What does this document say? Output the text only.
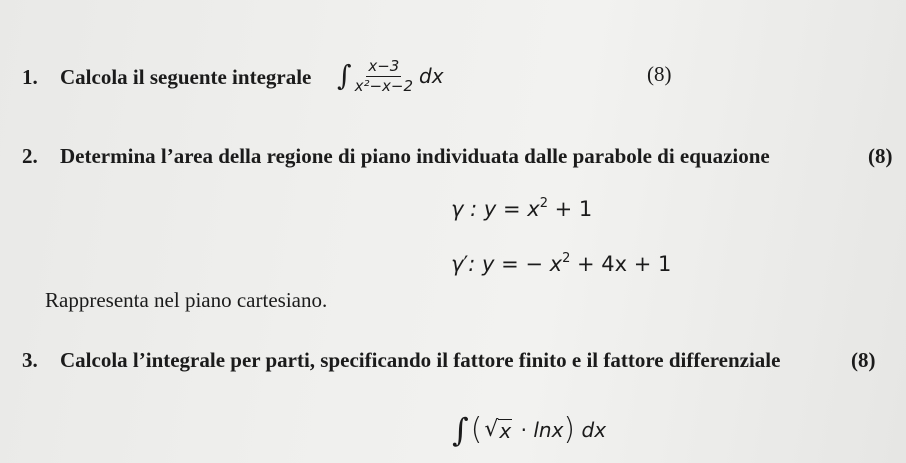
1. Calcola il seguente integrale ∫ $\frac{x-3}{\text{x²−x−2}}$ dx	(8)
2. Determina l’area della regione di piano individuata dalle parabole di equazione	(8)
γ : $y = x^2 + 1$
γ′: y = − $x^2 + 4x + 1$
Rappresenta nel piano cartesiano.
3. Calcola l’integrale per parti, specificando il fattore finito e il fattore differenziale	(8)
∫ ( √ x · lnx ) dx
